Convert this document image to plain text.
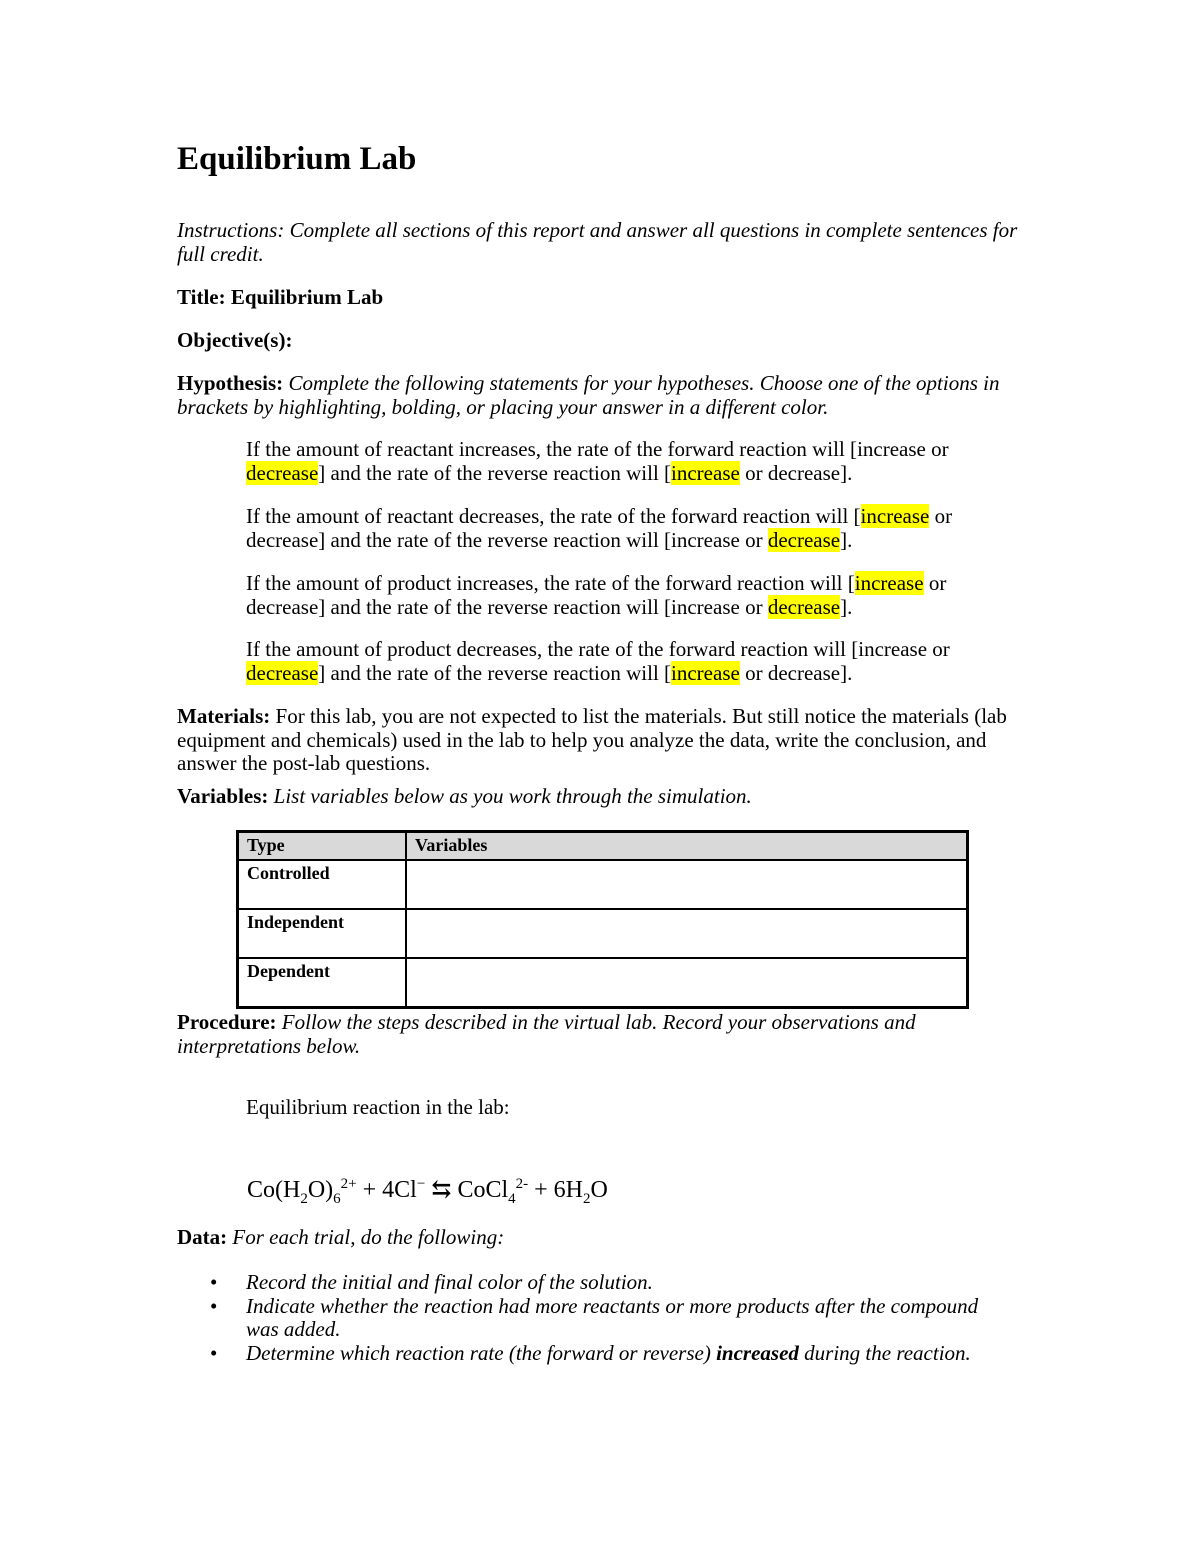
Equilibrium Lab
Instructions: Complete all sections of this report and answer all questions in complete sentences for full credit.
Title: Equilibrium Lab
Objective(s):
Hypothesis: Complete the following statements for your hypotheses. Choose one of the options in brackets by highlighting, bolding, or placing your answer in a different color.
If the amount of reactant increases, the rate of the forward reaction will [increase or decrease] and the rate of the reverse reaction will [increase or decrease].
If the amount of reactant decreases, the rate of the forward reaction will [increase or decrease] and the rate of the reverse reaction will [increase or decrease].
If the amount of product increases, the rate of the forward reaction will [increase or decrease] and the rate of the reverse reaction will [increase or decrease].
If the amount of product decreases, the rate of the forward reaction will [increase or decrease] and the rate of the reverse reaction will [increase or decrease].
Materials: For this lab, you are not expected to list the materials. But still notice the materials (lab equipment and chemicals) used in the lab to help you analyze the data, write the conclusion, and answer the post-lab questions.
Variables: List variables below as you work through the simulation.
Type	Variables
Controlled	
Independent	
Dependent	
Procedure: Follow the steps described in the virtual lab. Record your observations and interpretations below.
Equilibrium reaction in the lab:
$Co(H_2O)_6^{2+} + 4Cl^-$ ⇆ CoCl$_4^{2-}$ + $6H_2O$
Data: For each trial, do the following:
• Record the initial and final color of the solution.
• Indicate whether the reaction had more reactants or more products after the compound was added.
• Determine which reaction rate (the forward or reverse) increased during the reaction.
